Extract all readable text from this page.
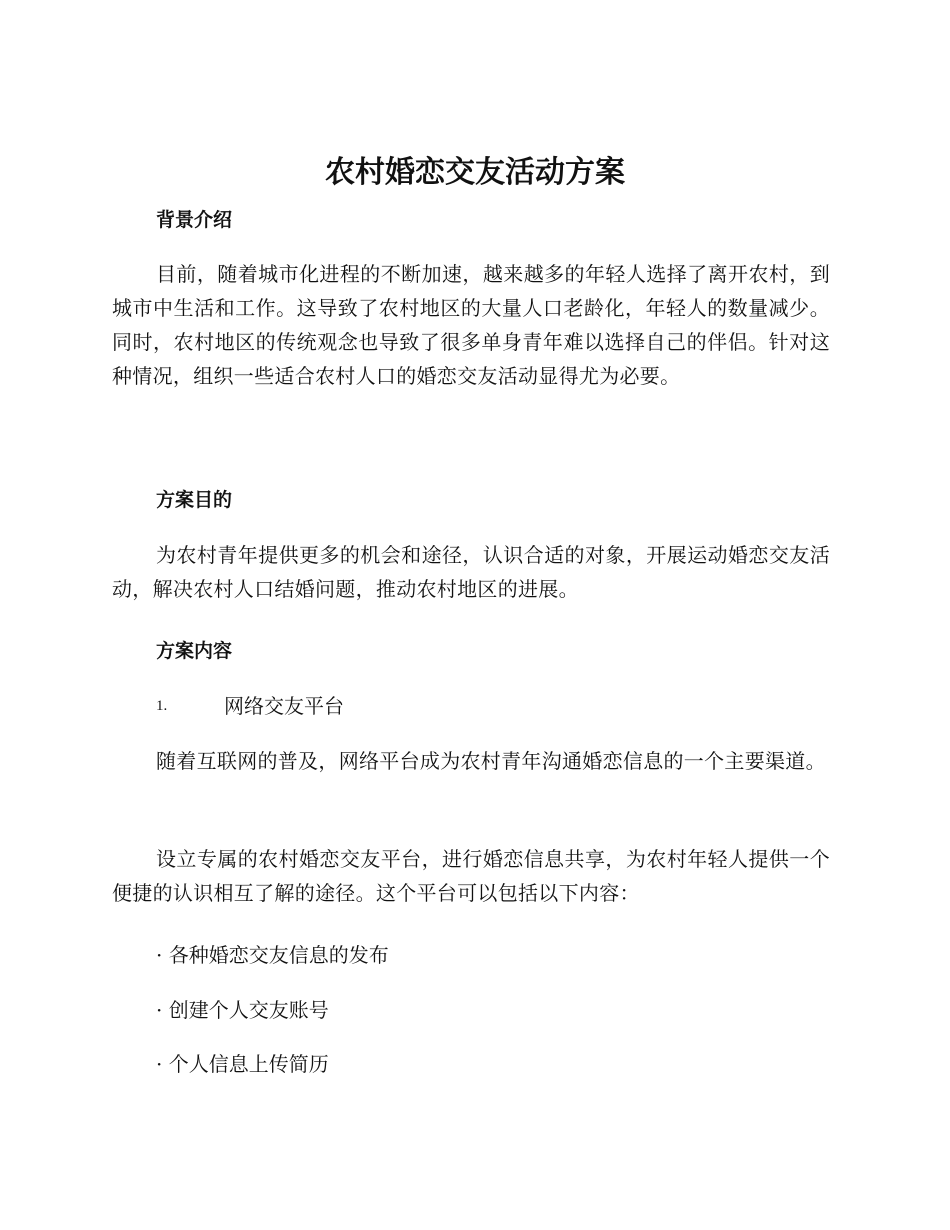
农村婚恋交友活动方案
背景介绍

目前，随着城市化进程的不断加速，越来越多的年轻人选择了离开农村，到城市中生活和工作。这导致了农村地区的大量人口老龄化，年轻人的数量减少。同时，农村地区的传统观念也导致了很多单身青年难以选择自己的伴侣。针对这种情况，组织一些适合农村人口的婚恋交友活动显得尤为必要。

方案目的

为农村青年提供更多的机会和途径，认识合适的对象，开展运动婚恋交友活动，解决农村人口结婚问题，推动农村地区的进展。

方案内容
1.	网络交友平台

随着互联网的普及，网络平台成为农村青年沟通婚恋信息的一个主要渠道。

设立专属的农村婚恋交友平台，进行婚恋信息共享，为农村年轻人提供一个便捷的认识相互了解的途径。这个平台可以包括以下内容：

· 各种婚恋交友信息的发布

· 创建个人交友账号

· 个人信息上传简历
